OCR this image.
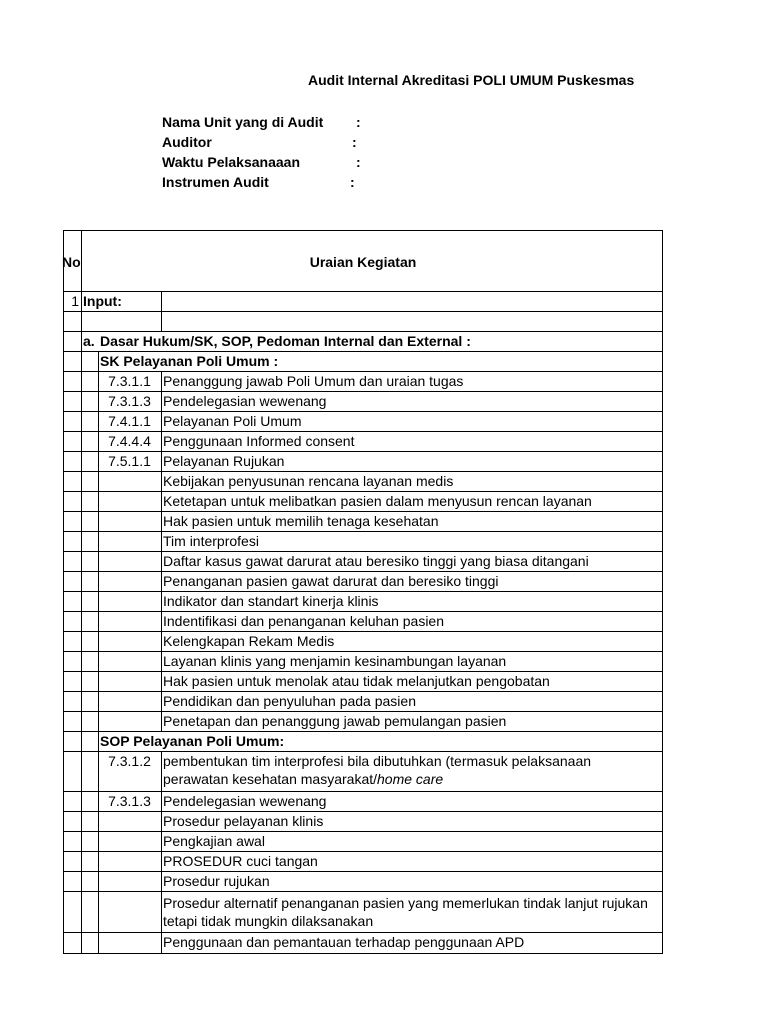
Audit Internal Akreditasi POLI UMUM Puskesmas
Nama Unit yang di Audit :
Auditor	:
Waktu Pelaksanaaan	:
Instrumen Audit	:
No	Uraian Kegiatan
1 Input:
a. Dasar Hukum/SK, SOP, Pedoman Internal dan External :
SK Pelayanan Poli Umum :
7.3.1.1 Penanggung jawab Poli Umum dan uraian tugas
7.3.1.3 Pendelegasian wewenang
7.4.1.1 Pelayanan Poli Umum
7.4.4.4 Penggunaan Informed consent
7.5.1.1 Pelayanan Rujukan
Kebijakan penyusunan rencana layanan medis
Ketetapan untuk melibatkan pasien dalam menyusun rencan layanan
Hak pasien untuk memilih tenaga kesehatan
Tim interprofesi
Daftar kasus gawat darurat atau beresiko tinggi yang biasa ditangani
Penanganan pasien gawat darurat dan beresiko tinggi
Indikator dan standart kinerja klinis
Indentifikasi dan penanganan keluhan pasien
Kelengkapan Rekam Medis
Layanan klinis yang menjamin kesinambungan layanan
Hak pasien untuk menolak atau tidak melanjutkan pengobatan
Pendidikan dan penyuluhan pada pasien
Penetapan dan penanggung jawab pemulangan pasien
SOP Pelayanan Poli Umum:
7.3.1.2 pembentukan tim interprofesi bila dibutuhkan (termasuk pelaksanaan perawatan kesehatan masyarakat/home care
7.3.1.3 Pendelegasian wewenang
Prosedur pelayanan klinis
Pengkajian awal
PROSEDUR cuci tangan
Prosedur rujukan
Prosedur alternatif penanganan pasien yang memerlukan tindak lanjut rujukan tetapi tidak mungkin dilaksanakan
Penggunaan dan pemantauan terhadap penggunaan APD
